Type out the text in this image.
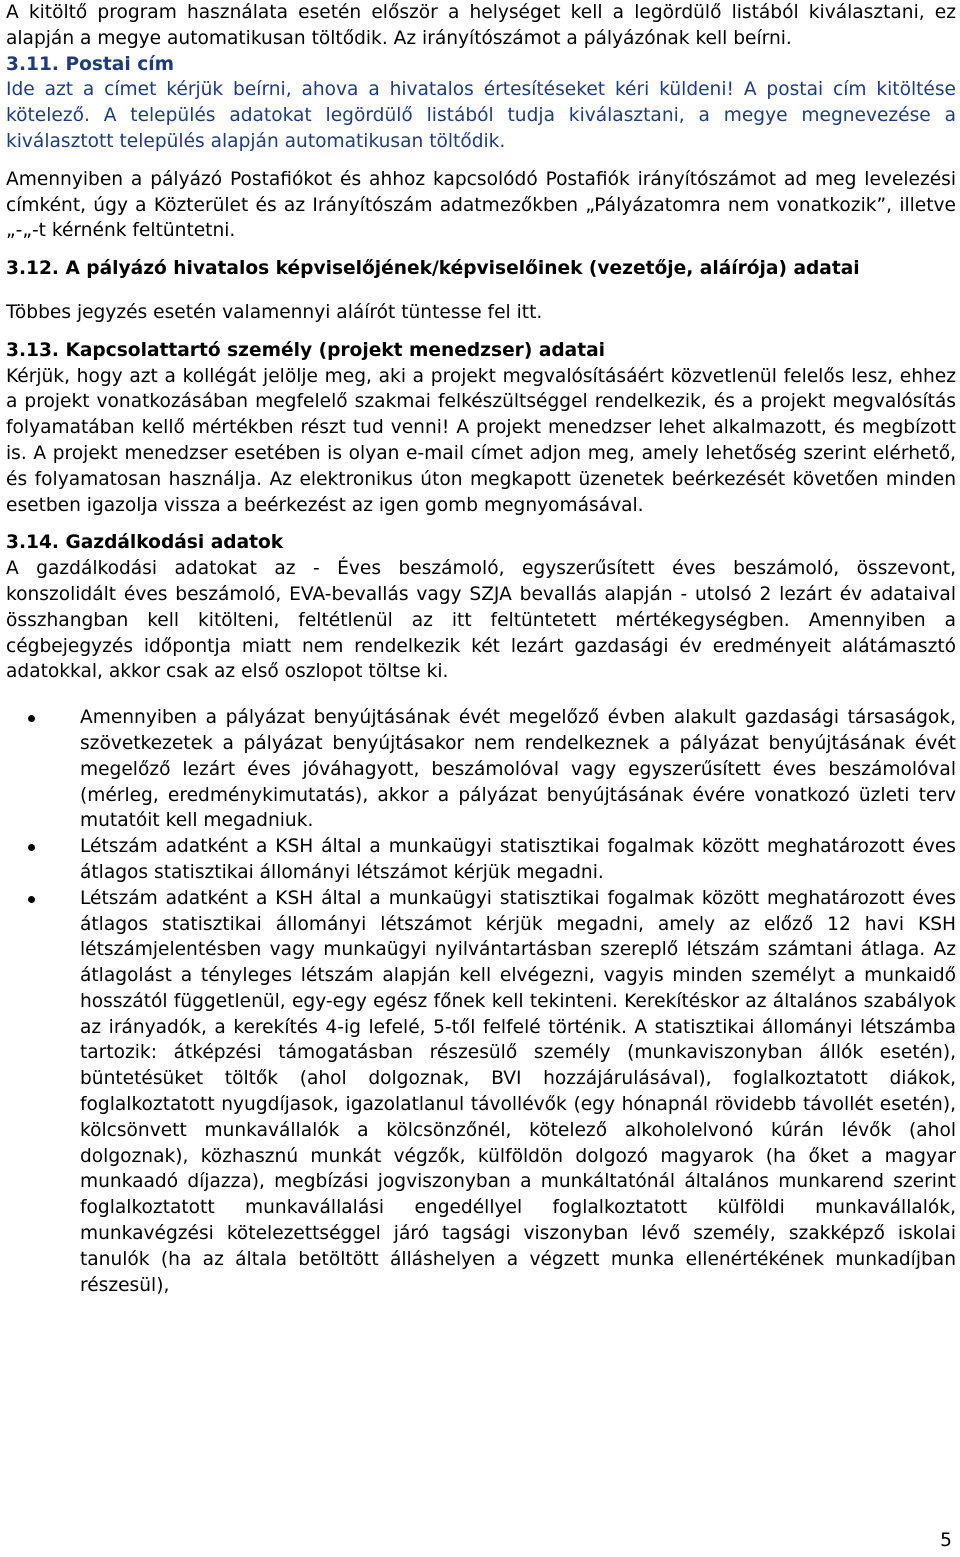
A kitöltő program használata esetén először a helységet kell a legördülő listából kiválasztani, ez alapján a megye automatikusan töltődik. Az irányítószámot a pályázónak kell beírni.

3.11. Postai cím

Ide azt a címet kérjük beírni, ahova a hivatalos értesítéseket kéri küldeni! A postai cím kitöltése kötelező. A település adatokat legördülő listából tudja kiválasztani, a megye megnevezése a kiválasztott település alapján automatikusan töltődik.

Amennyiben a pályázó Postafiókot és ahhoz kapcsolódó Postafiók irányítószámot ad meg levelezési címként, úgy a Közterület és az Irányítószám adatmezőkben „Pályázatomra nem vonatkozik”, illetve „-„-t kérnénk feltüntetni.

3.12. A pályázó hivatalos képviselőjének/képviselőinek (vezetője, aláírója) adatai

Többes jegyzés esetén valamennyi aláírót tüntesse fel itt.

3.13. Kapcsolattartó személy (projekt menedzser) adatai

Kérjük, hogy azt a kollégát jelölje meg, aki a projekt megvalósításáért közvetlenül felelős lesz, ehhez a projekt vonatkozásában megfelelő szakmai felkészültséggel rendelkezik, és a projekt megvalósítás folyamatában kellő mértékben részt tud venni! A projekt menedzser lehet alkalmazott, és megbízott is. A projekt menedzser esetében is olyan e-mail címet adjon meg, amely lehetőség szerint elérhető, és folyamatosan használja. Az elektronikus úton megkapott üzenetek beérkezését követően minden esetben igazolja vissza a beérkezést az igen gomb megnyomásával.

3.14. Gazdálkodási adatok

A gazdálkodási adatokat az - Éves beszámoló, egyszerűsített éves beszámoló, összevont, konszolidált éves beszámoló, EVA-bevallás vagy SZJA bevallás alapján - utolsó 2 lezárt év adataival összhangban kell kitölteni, feltétlenül az itt feltüntetett mértékegységben. Amennyiben a cégbejegyzés időpontja miatt nem rendelkezik két lezárt gazdasági év eredményeit alátámasztó adatokkal, akkor csak az első oszlopot töltse ki.

Amennyiben a pályázat benyújtásának évét megelőző évben alakult gazdasági társaságok, szövetkezetek a pályázat benyújtásakor nem rendelkeznek a pályázat benyújtásának évét megelőző lezárt éves jóváhagyott, beszámolóval vagy egyszerűsített éves beszámolóval (mérleg, eredménykimutatás), akkor a pályázat benyújtásának évére vonatkozó üzleti terv mutatóit kell megadniuk.
Létszám adatként a KSH által a munkaügyi statisztikai fogalmak között meghatározott éves átlagos statisztikai állományi létszámot kérjük megadni.
Létszám adatként a KSH által a munkaügyi statisztikai fogalmak között meghatározott éves átlagos statisztikai állományi létszámot kérjük megadni, amely az előző 12 havi KSH létszámjelentésben vagy munkaügyi nyilvántartásban szereplő létszám számtani átlaga. Az átlagolást a tényleges létszám alapján kell elvégezni, vagyis minden személyt a munkaidő hosszától függetlenül, egy-egy egész főnek kell tekinteni. Kerekítéskor az általános szabályok az irányadók, a kerekítés 4-ig lefelé, 5-től felfelé történik. A statisztikai állományi létszámba tartozik: átképzési támogatásban részesülő személy (munkaviszonyban állók esetén), büntetésüket töltők (ahol dolgoznak, BVI hozzájárulásával), foglalkoztatott diákok, foglalkoztatott nyugdíjasok, igazolatlanul távollévők (egy hónapnál rövidebb távollét esetén), kölcsönvett munkavállalók a kölcsönzőnél, kötelező alkoholelvonó kúrán lévők (ahol dolgoznak), közhasznú munkát végzők, külföldön dolgozó magyarok (ha őket a magyar munkaadó díjazza), megbízási jogviszonyban a munkáltatónál általános munkarend szerint foglalkoztatott munkavállalási engedéllyel foglalkoztatott külföldi munkavállalók, munkavégzési kötelezettséggel járó tagsági viszonyban lévő személy, szakképző iskolai tanulók (ha az általa betöltött álláshelyen a végzett munka ellenértékének munkadíjban részesül),
5
